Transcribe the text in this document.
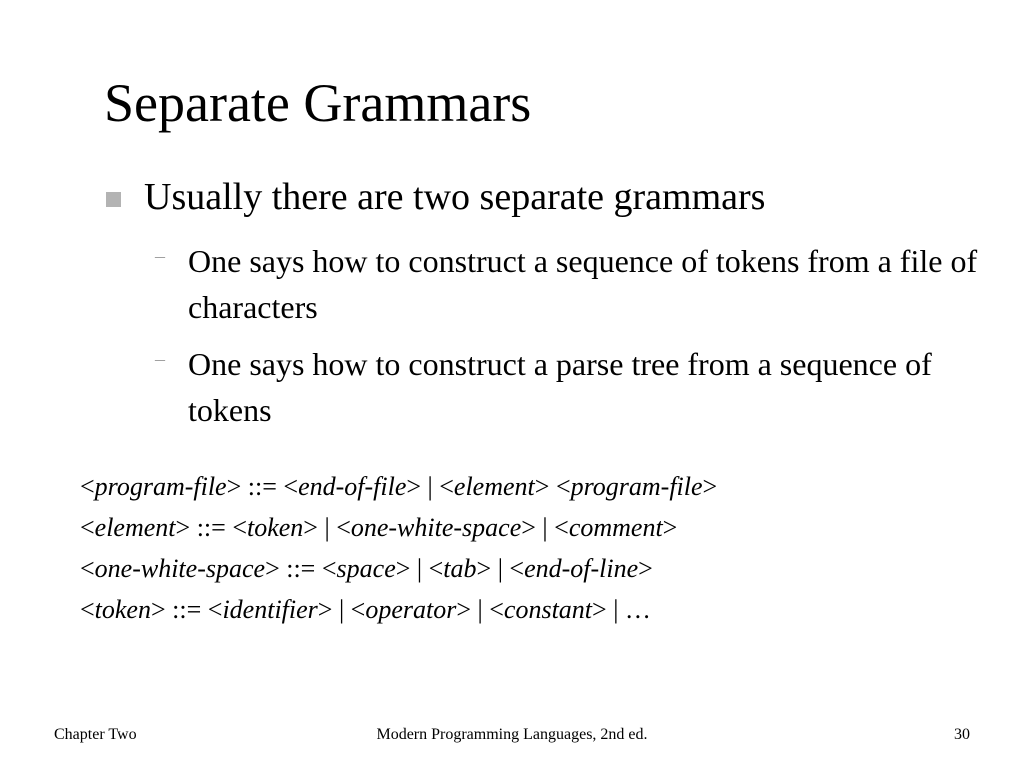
Separate Grammars
Usually there are two separate grammars
– One says how to construct a sequence of tokens from a file of characters
– One says how to construct a parse tree from a sequence of tokens
<program-file> ::= <end-of-file> | <element> <program-file>
<element> ::= <token> | <one-white-space> | <comment>
<one-white-space> ::= <space> | <tab> | <end-of-line>
<token> ::= <identifier> | <operator> | <constant> | …
Chapter Two	Modern Programming Languages, 2nd ed.	30
